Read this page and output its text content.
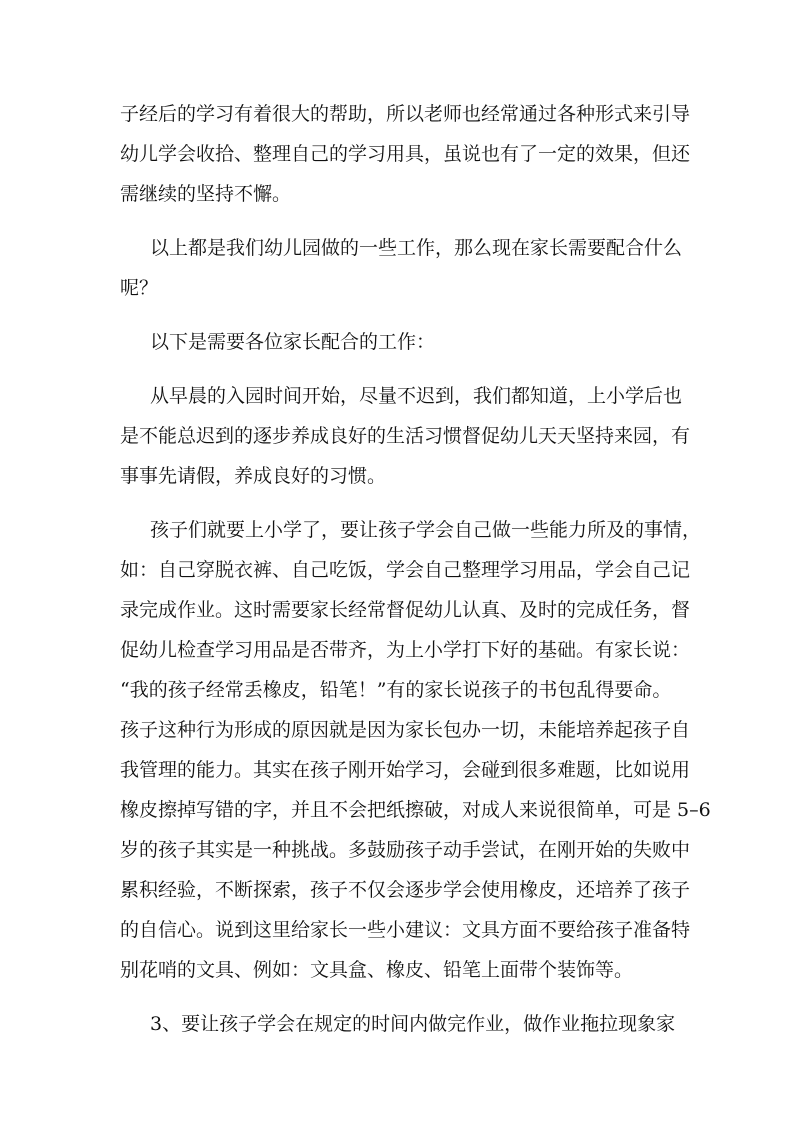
子经后的学习有着很大的帮助，所以老师也经常通过各种形式来引导
幼儿学会收拾、整理自己的学习用具，虽说也有了一定的效果，但还
需继续的坚持不懈。
以上都是我们幼儿园做的一些工作，那么现在家长需要配合什么
呢？
以下是需要各位家长配合的工作：
从早晨的入园时间开始，尽量不迟到，我们都知道，上小学后也
是不能总迟到的逐步养成良好的生活习惯督促幼儿天天坚持来园，有
事事先请假，养成良好的习惯。
孩子们就要上小学了，要让孩子学会自己做一些能力所及的事情，
如：自己穿脱衣裤、自己吃饭，学会自己整理学习用品，学会自己记
录完成作业。这时需要家长经常督促幼儿认真、及时的完成任务，督
促幼儿检查学习用品是否带齐，为上小学打下好的基础。有家长说：
“我的孩子经常丢橡皮，铅笔！”有的家长说孩子的书包乱得要命。
孩子这种行为形成的原因就是因为家长包办一切，未能培养起孩子自
我管理的能力。其实在孩子刚开始学习，会碰到很多难题，比如说用
橡皮擦掉写错的字，并且不会把纸擦破，对成人来说很简单，可是 5–6
岁的孩子其实是一种挑战。多鼓励孩子动手尝试，在刚开始的失败中
累积经验，不断探索，孩子不仅会逐步学会使用橡皮，还培养了孩子
的自信心。说到这里给家长一些小建议：文具方面不要给孩子准备特
别花哨的文具、例如：文具盒、橡皮、铅笔上面带个装饰等。
3、要让孩子学会在规定的时间内做完作业，做作业拖拉现象家
